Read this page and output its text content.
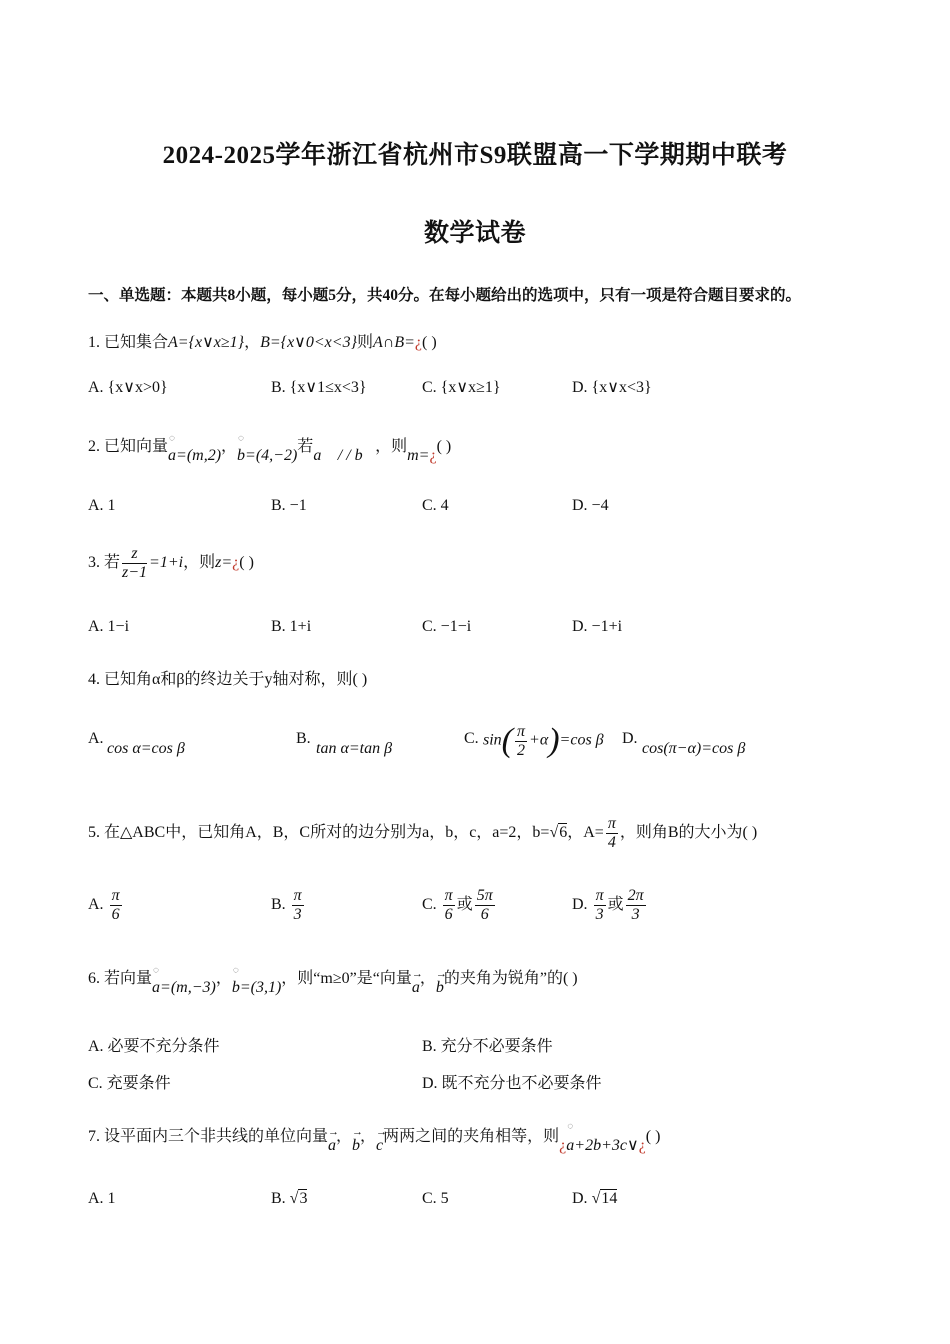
2024-2025学年浙江省杭州市S9联盟高一下学期期中联考
数学试卷
一、单选题：本题共8小题，每小题5分，共40分。在每小题给出的选项中，只有一项是符合题目要求的。
1. 已知集合A={x∨x≥1}，B={x∨0<x<3}则A∩B=¿( )
A. {x∨x>0}	B. {x∨1≤x<3}	C. {x∨x≥1}	D. {x∨x<3}
2. 已知向量◌ a=(m,2)，◌ b=(4,−2)若a⃗ / / b⃗，则m=¿( )
A. 1	B. −1	C. 4	D. −4
3. 若 $\frac{z}{z-1} =1+i$，则z=¿( )
A. 1−i	B. 1+i	C. −1−i	D. −1+i
4. 已知角α和β的终边关于y轴对称，则( )
A.
cos α=cos β
B.
tan α=tan β
C. $\sin( \frac{\pi}{2} +\alpha)=\cos$ β D.
cos(π−α)=cos β
5. 在△ABC中，已知角A，B，C所对的边分别为a，b，c，a=2，b=√6，$A= \frac{\pi}{4}$ ，则角B的大小为( )
A. $\frac{\pi}{6}$	B. $\frac{\pi}{3}$	C. $\frac{\pi}{6}$ 或 $\frac{5\pi}{6}$	D. $\frac{\pi}{3}$ 或 $\frac{2\pi}{3}$
6. 若向量◌ a=(m,−3)，◌ b=(3,1)，则“m≥0”是“向量→ a，→ b的夹角为锐角”的( )
A. 必要不充分条件	B. 充分不必要条件
C. 充要条件	D. 既不充分也不必要条件
7. 设平面内三个非共线的单位向量→ a，→ b，→ c两两之间的夹角相等，则¿◌ a+2b+3c∨¿( )
A. 1	B. √3	C. 5	D. √14
